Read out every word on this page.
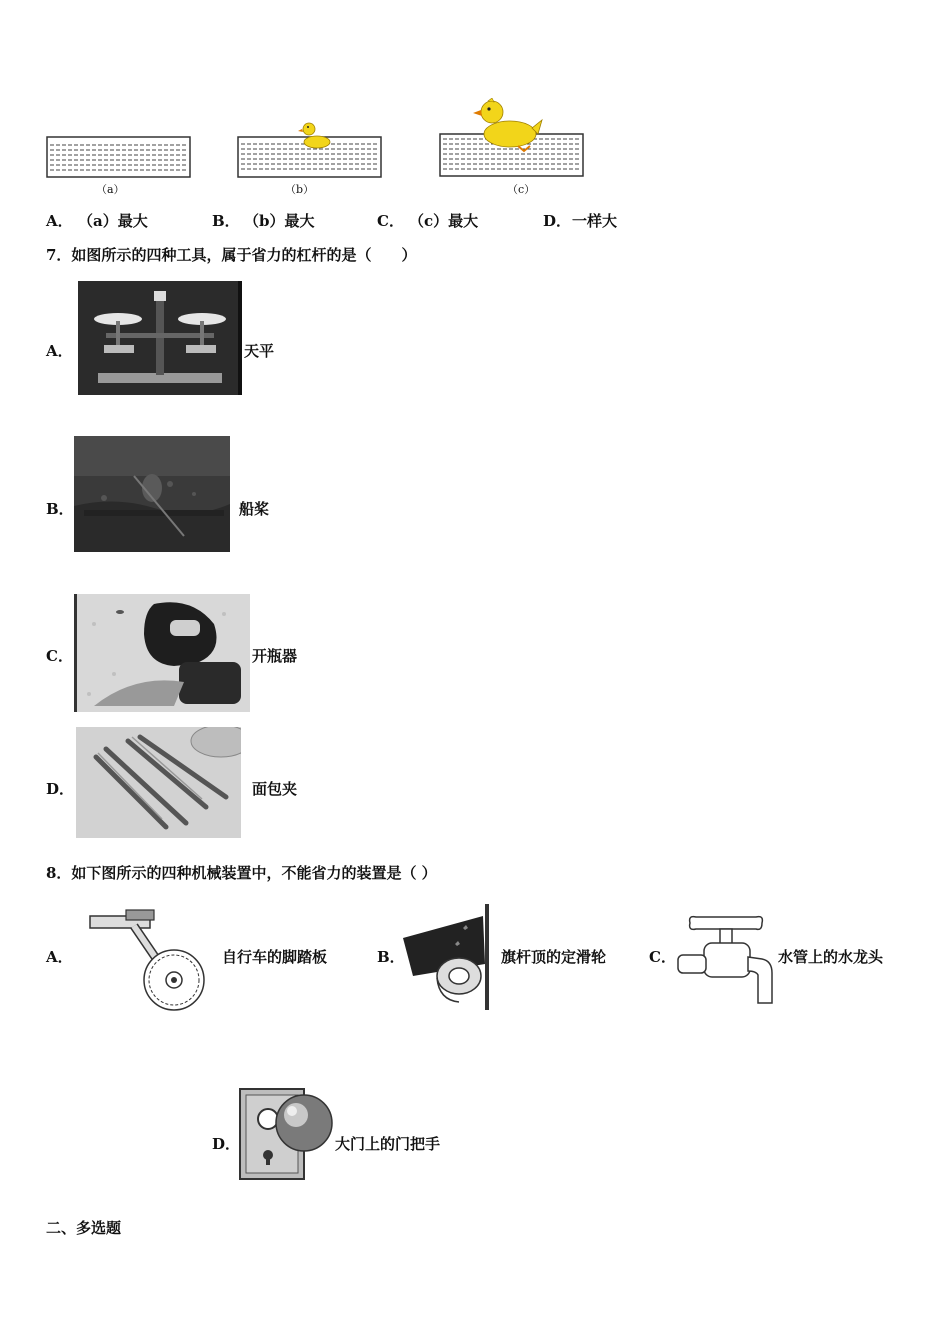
（a）	（b）	（c）
A． （a）最大	B． （b）最大	C． （c）最大	D． 一样大
7．如图所示的四种工具，属于省力的杠杆的是（　　）
A．	天平
B．	船桨
C．	开瓶器
D．	面包夹
8．如下图所示的四种机械装置中，不能省力的装置是（ ）
A．	自行车的脚踏板	B．	旗杆顶的定滑轮	C．	水管上的水龙头
D．	大门上的门把手
二、多选题
